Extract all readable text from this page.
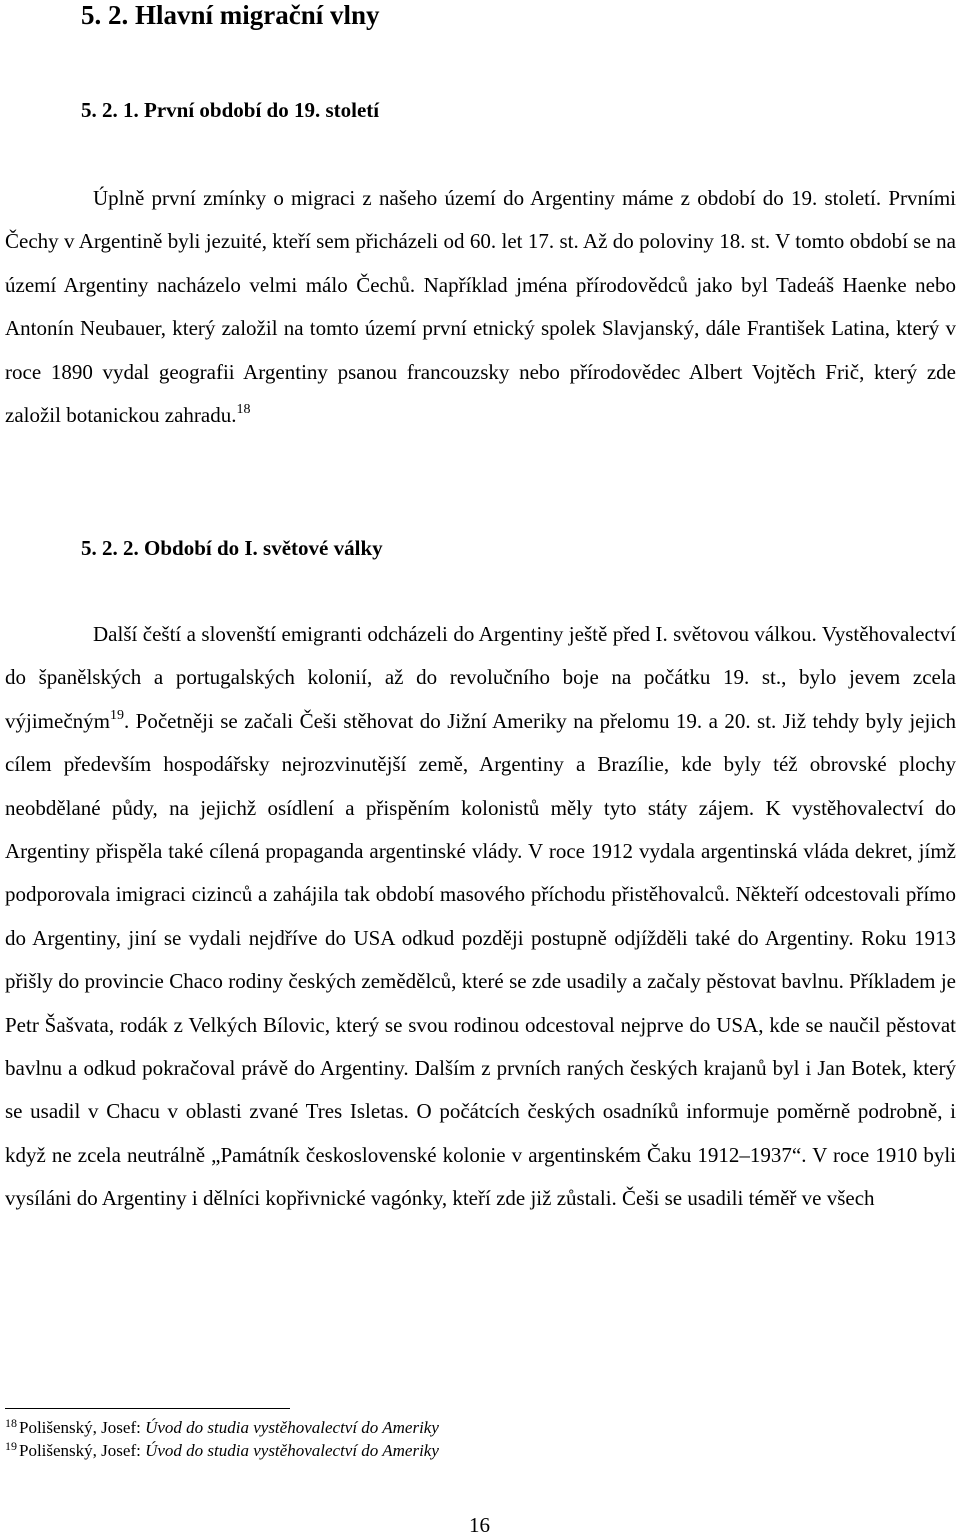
5. 2. Hlavní migrační vlny
5. 2. 1. První období do 19. století

Úplně první zmínky o migraci z našeho území do Argentiny máme z období do 19. století. Prvními Čechy v Argentině byli jezuité, kteří sem přicházeli od 60. let 17. st. Až do poloviny 18. st. V tomto období se na území Argentiny nacházelo velmi málo Čechů. Například jména přírodovědců jako byl Tadeáš Haenke nebo Antonín Neubauer, který založil na tomto území první etnický spolek Slavjanský, dále František Latina, který v roce 1890 vydal geografii Argentiny psanou francouzsky nebo přírodovědec Albert Vojtěch Frič, který zde založil botanickou zahradu.$^{18}$

5. 2. 2. Období do I. světové války

Další čeští a slovenští emigranti odcházeli do Argentiny ještě před I. světovou válkou. Vystěhovalectví do španělských a portugalských kolonií, až do revolučního boje na počátku 19. st., bylo jevem zcela výjimečným$^{19}$. Početněji se začali Češi stěhovat do Jižní Ameriky na přelomu 19. a 20. st. Již tehdy byly jejich cílem především hospodářsky nejrozvinutější země, Argentiny a Brazílie, kde byly též obrovské plochy neobdělané půdy, na jejichž osídlení a přispěním kolonistů měly tyto státy zájem. K vystěhovalectví do Argentiny přispěla také cílená propaganda argentinské vlády. V roce 1912 vydala argentinská vláda dekret, jímž podporovala imigraci cizinců a zahájila tak období masového příchodu přistěhovalců. Někteří odcestovali přímo do Argentiny, jiní se vydali nejdříve do USA odkud později postupně odjížděli také do Argentiny. Roku 1913 přišly do provincie Chaco rodiny českých zemědělců, které se zde usadily a začaly pěstovat bavlnu. Příkladem je Petr Šašvata, rodák z Velkých Bílovic, který se svou rodinou odcestoval nejprve do USA, kde se naučil pěstovat bavlnu a odkud pokračoval právě do Argentiny. Dalším z prvních raných českých krajanů byl i Jan Botek, který se usadil v Chacu v oblasti zvané Tres Isletas. O počátcích českých osadníků informuje poměrně podrobně, i když ne zcela neutrálně „Památník československé kolonie v argentinském Čaku 1912–1937“. V roce 1910 byli vysíláni do Argentiny i dělníci kopřivnické vagónky, kteří zde již zůstali. Češi se usadili téměř ve všech

$^{18}$ Polišenský, Josef: Úvod do studia vystěhovalectví do Ameriky
$^{19}$ Polišenský, Josef: Úvod do studia vystěhovalectví do Ameriky
16
